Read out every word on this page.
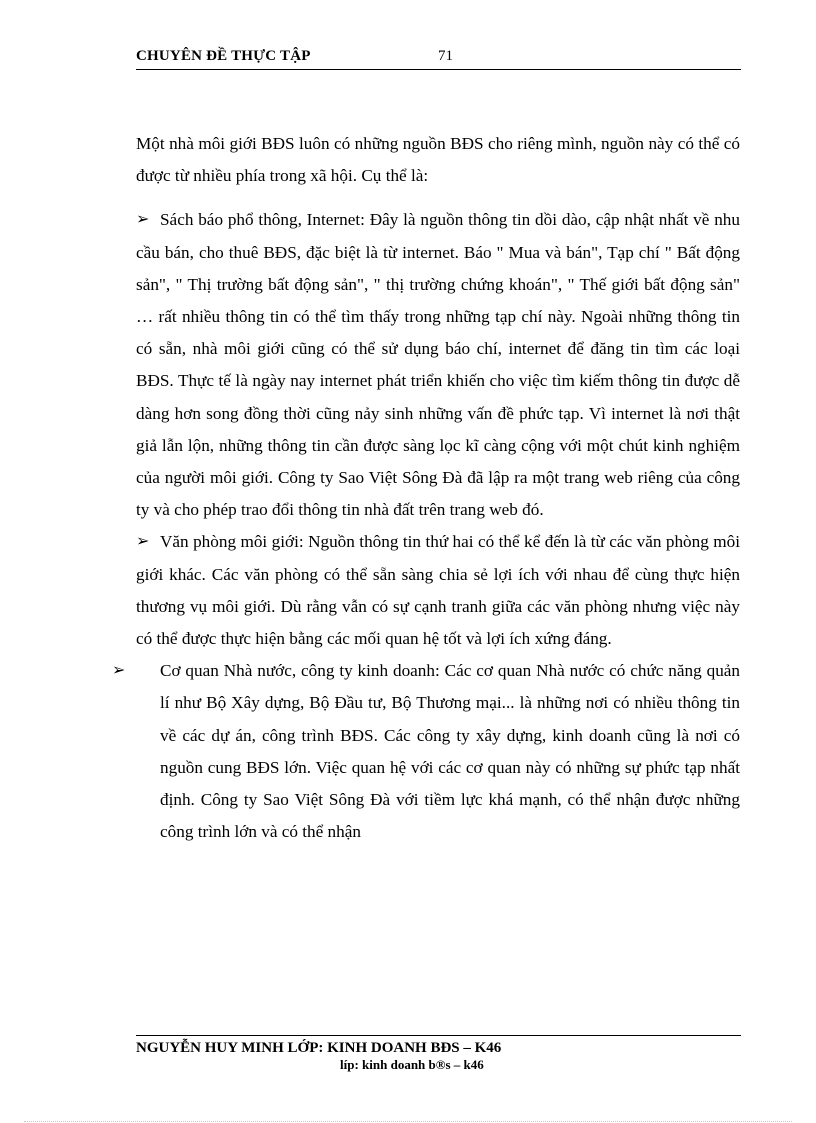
CHUYÊN ĐỀ THỰC TẬP	71

Một nhà môi giới BĐS luôn có những nguồn BĐS cho riêng mình, nguồn này có thể có được từ nhiều phía trong xã hội. Cụ thể là:

➢ Sách báo phổ thông, Internet: Đây là nguồn thông tin dồi dào, cập nhật nhất về nhu cầu bán, cho thuê BĐS, đặc biệt là từ internet. Báo " Mua và bán", Tạp chí " Bất động sản", " Thị trường bất động sản", " thị trường chứng khoán", " Thế giới bất động sản" … rất nhiều thông tin có thể tìm thấy trong những tạp chí này. Ngoài những thông tin có sẵn, nhà môi giới cũng có thể sử dụng báo chí, internet để đăng tin tìm các loại BĐS. Thực tế là ngày nay internet phát triển khiến cho việc tìm kiếm thông tin được dễ dàng hơn song đồng thời cũng nảy sinh những vấn đề phức tạp. Vì internet là nơi thật giả lẫn lộn, những thông tin cần được sàng lọc kĩ càng cộng với một chút kinh nghiệm của người môi giới. Công ty Sao Việt Sông Đà đã lập ra một trang web riêng của công ty và cho phép trao đổi thông tin nhà đất trên trang web đó.

➢ Văn phòng môi giới: Nguồn thông tin thứ hai có thể kể đến là từ các văn phòng môi giới khác. Các văn phòng có thể sẵn sàng chia sẻ lợi ích với nhau để cùng thực hiện thương vụ môi giới. Dù rằng vẫn có sự cạnh tranh giữa các văn phòng nhưng việc này có thể được thực hiện bằng các mối quan hệ tốt và lợi ích xứng đáng.

➢ Cơ quan Nhà nước, công ty kinh doanh: Các cơ quan Nhà nước có chức năng quản lí như Bộ Xây dựng, Bộ Đầu tư, Bộ Thương mại... là những nơi có nhiều thông tin về các dự án, công trình BĐS. Các công ty xây dựng, kinh doanh cũng là nơi có nguồn cung BĐS lớn. Việc quan hệ với các cơ quan này có những sự phức tạp nhất định. Công ty Sao Việt Sông Đà với tiềm lực khá mạnh, có thể nhận được những công trình lớn và có thể nhận

NGUYỄN HUY MINH LỚP: KINH DOANH BĐS – K46
líp: kinh doanh b®s – k46
